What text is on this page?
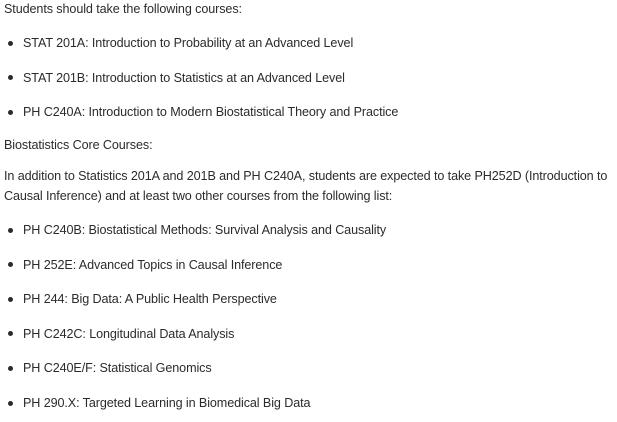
Students should take the following courses:

STAT 201A: Introduction to Probability at an Advanced Level
STAT 201B: Introduction to Statistics at an Advanced Level
PH C240A: Introduction to Modern Biostatistical Theory and Practice

Biostatistics Core Courses:

In addition to Statistics 201A and 201B and PH C240A, students are expected to take PH252D (Introduction to Causal Inference) and at least two other courses from the following list:

PH C240B: Biostatistical Methods: Survival Analysis and Causality
PH 252E: Advanced Topics in Causal Inference
PH 244: Big Data: A Public Health Perspective
PH C242C: Longitudinal Data Analysis
PH C240E/F: Statistical Genomics
PH 290.X: Targeted Learning in Biomedical Big Data
